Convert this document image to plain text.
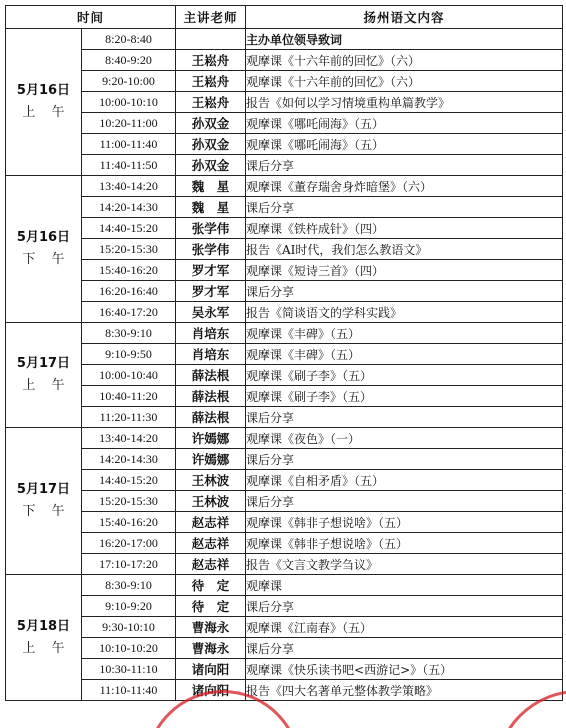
时间		主讲老师	扬州语文内容

5月16日
上 午	8:20-8:40		主办单位领导致词
	8:40-9:20	王崧舟	观摩课《十六年前的回忆》（六）
	9:20-10:00	王崧舟	观摩课《十六年前的回忆》（六）
	10:00-10:10	王崧舟	报告《如何以学习情境重构单篇教学》
	10:20-11:00	孙双金	观摩课《哪吒闹海》（五）
	11:00-11:40	孙双金	观摩课《哪吒闹海》（五）
	11:40-11:50	孙双金	课后分享

5月16日
下 午	13:40-14:20	魏　星	观摩课《董存瑞舍身炸暗堡》（六）
	14:20-14:30	魏　星	课后分享
	14:40-15:20	张学伟	观摩课《铁杵成针》（四）
	15:20-15:30	张学伟	报告《AI时代，我们怎么教语文》
	15:40-16:20	罗才军	观摩课《短诗三首》（四）
	16:20-16:40	罗才军	课后分享
	16:40-17:20	吴永军	报告《简谈语文的学科实践》

5月17日
上 午	8:30-9:10	肖培东	观摩课《丰碑》（五）
	9:10-9:50	肖培东	观摩课《丰碑》（五）
	10:00-10:40	薛法根	观摩课《刷子李》（五）
	10:40-11:20	薛法根	观摩课《刷子李》（五）
	11:20-11:30	薛法根	课后分享

5月17日
下 午	13:40-14:20	许嫣娜	观摩课《夜色》（一）
	14:20-14:30	许嫣娜	课后分享
	14:40-15:20	王林波	观摩课《自相矛盾》（五）
	15:20-15:30	王林波	课后分享
	15:40-16:20	赵志祥	观摩课《韩非子想说啥》（五）
	16:20-17:00	赵志祥	观摩课《韩非子想说啥》（五）
	17:10-17:20	赵志祥	报告《文言文教学刍议》

5月18日
上 午	8:30-9:10	待　定	观摩课
	9:10-9:20	待　定	课后分享
	9:30-10:10	曹海永	观摩课《江南春》（五）
	10:10-10:20	曹海永	课后分享
	10:30-11:10	诸向阳	观摩课《快乐读书吧<西游记>》（五）
	11:10-11:40	诸向阳	报告《四大名著单元整体教学策略》
